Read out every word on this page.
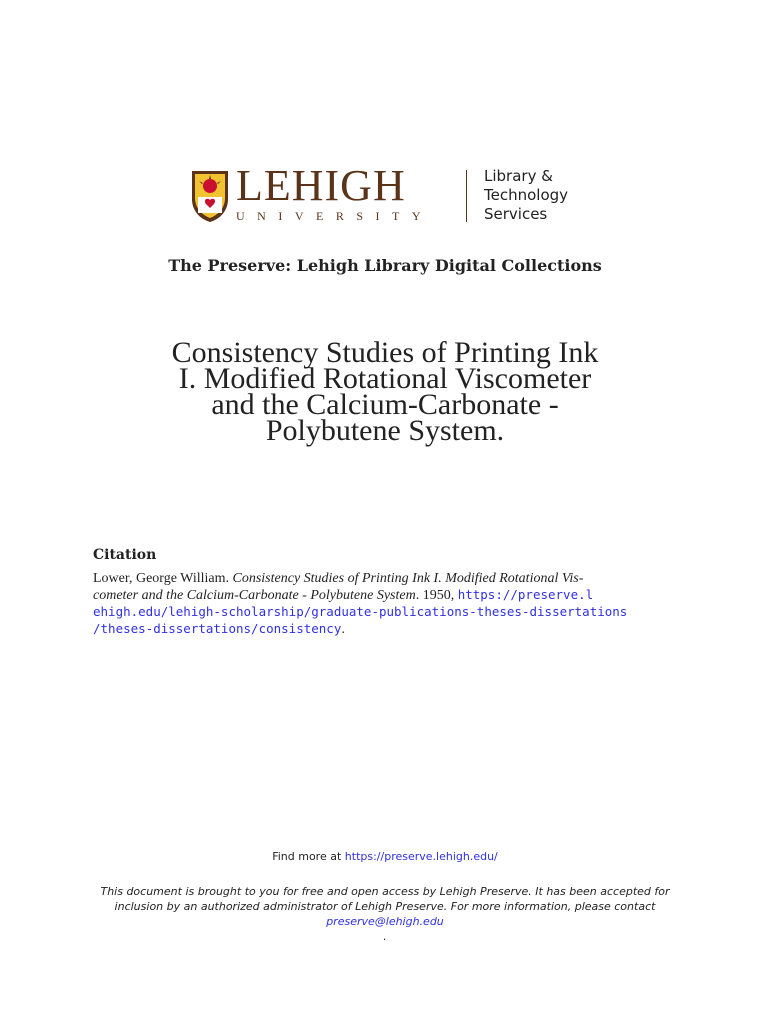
LEHIGH
UNIVERSITY
Library &
Technology
Services
The Preserve: Lehigh Library Digital Collections
Consistency Studies of Printing Ink
I. Modified Rotational Viscometer
and the Calcium-Carbonate -
Polybutene System.
Citation
Lower, George William. Consistency Studies of Printing Ink I. Modified Rotational Vis-
cometer and the Calcium-Carbonate - Polybutene System. 1950, https://preserve.l
ehigh.edu/lehigh-scholarship/graduate-publications-theses-dissertations
/theses-dissertations/consistency.
Find more at https://preserve.lehigh.edu/
This document is brought to you for free and open access by Lehigh Preserve. It has been accepted for
inclusion by an authorized administrator of Lehigh Preserve. For more information, please contact
preserve@lehigh.edu
.
